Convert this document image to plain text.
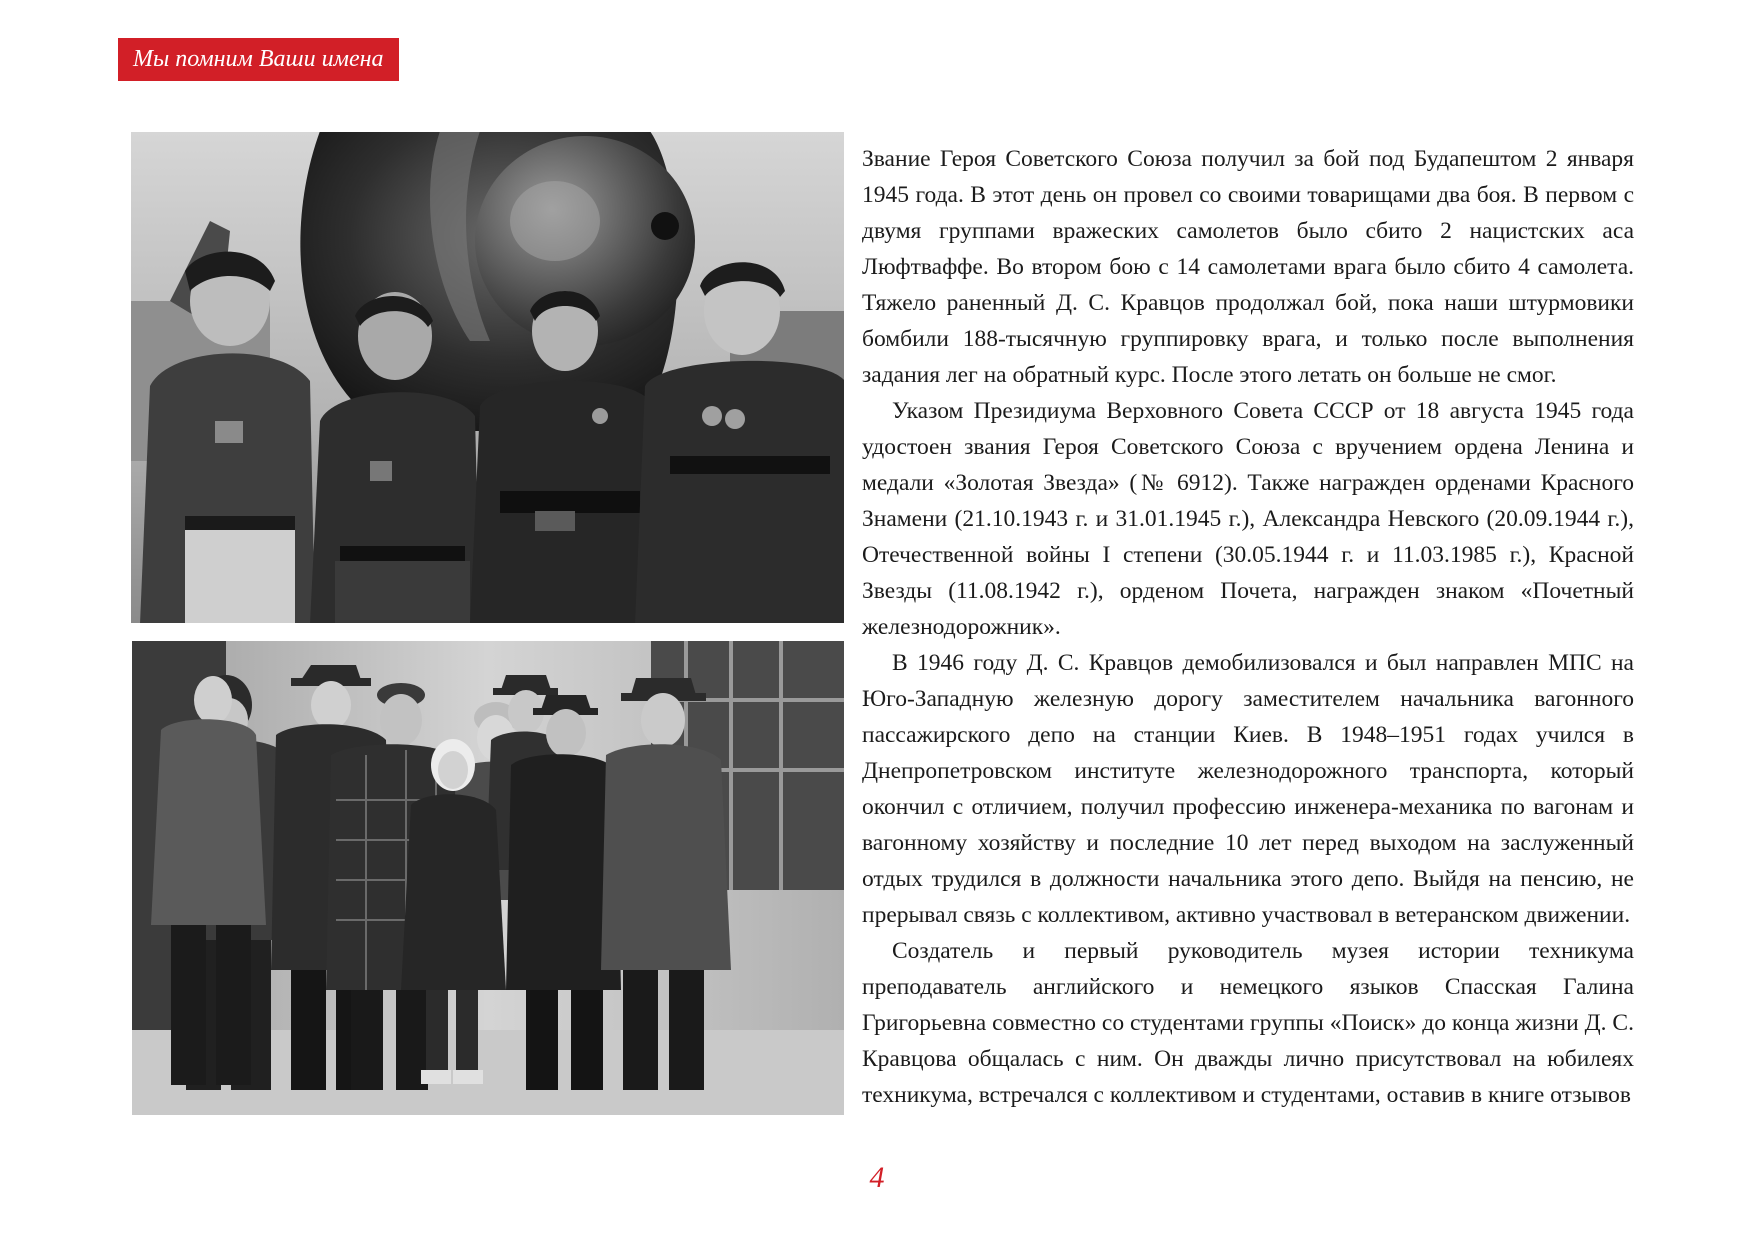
Мы помним Ваши имена

Звание Героя Советского Союза получил за бой под Будапештом 2 января 1945 года. В этот день он провел со своими товарищами два боя. В первом с двумя группами вражеских самолетов было сбито 2 нацистских аса Люфтваффе. Во втором бою с 14 самолетами врага было сбито 4 самолета. Тяжело раненный Д. С. Кравцов продолжал бой, пока наши штурмовики бомбили 188-тысячную группировку врага, и только после выполнения задания лег на обратный курс. После этого летать он больше не смог.

Указом Президиума Верховного Совета СССР от 18 августа 1945 года удостоен звания Героя Советского Союза с вручением ордена Ленина и медали «Золотая Звезда» (№ 6912). Также награжден орденами Красного Знамени (21.10.1943 г. и 31.01.1945 г.), Александра Невского (20.09.1944 г.), Отечественной войны I степени (30.05.1944 г. и 11.03.1985 г.), Красной Звезды (11.08.1942 г.), орденом Почета, награжден знаком «Почетный железнодорожник».

В 1946 году Д. С. Кравцов демобилизовался и был направлен МПС на Юго-Западную железную дорогу заместителем начальника вагонного пассажирского депо на станции Киев. В 1948–1951 годах учился в Днепропетровском институте железнодорожного транспорта, который окончил с отличием, получил профессию инженера-механика по вагонам и вагонному хозяйству и последние 10 лет перед выходом на заслуженный отдых трудился в должности начальника этого депо. Выйдя на пенсию, не прерывал связь с коллективом, активно участвовал в ветеранском движении.

Создатель и первый руководитель музея истории техникума преподаватель английского и немецкого языков Спасская Галина Григорьевна совместно со студентами группы «Поиск» до конца жизни Д. С. Кравцова общалась с ним. Он дважды лично присутствовал на юбилеях техникума, встречался с коллективом и студентами, оставив в книге отзывов

4
